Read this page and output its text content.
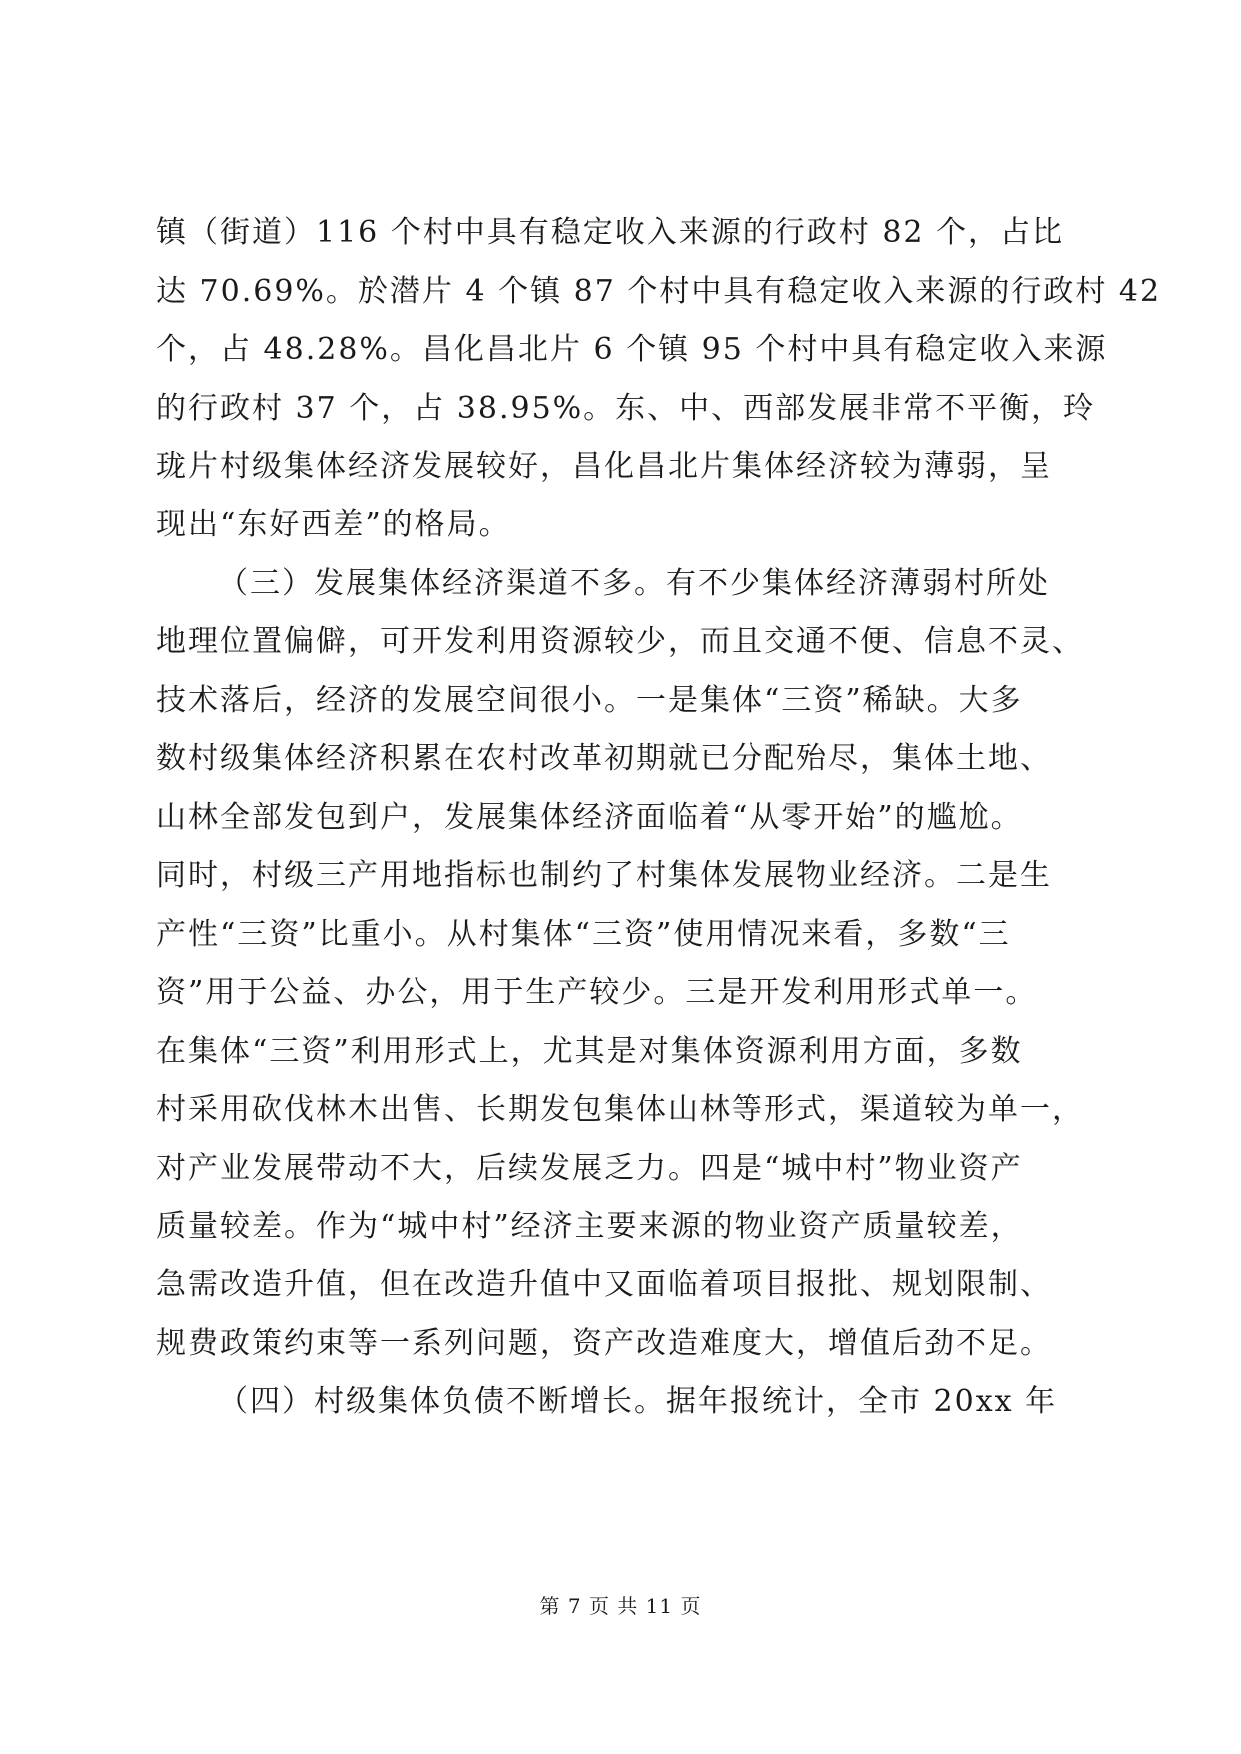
镇（街道）116 个村中具有稳定收入来源的行政村 82 个，占比
达 70.69%。於潜片 4 个镇 87 个村中具有稳定收入来源的行政村 42
个，占 48.28%。昌化昌北片 6 个镇 95 个村中具有稳定收入来源
的行政村 37 个，占 38.95%。东、中、西部发展非常不平衡，玲
珑片村级集体经济发展较好，昌化昌北片集体经济较为薄弱，呈
现出“东好西差”的格局。
（三）发展集体经济渠道不多。有不少集体经济薄弱村所处
地理位置偏僻，可开发利用资源较少，而且交通不便、信息不灵、
技术落后，经济的发展空间很小。一是集体“三资”稀缺。大多
数村级集体经济积累在农村改革初期就已分配殆尽，集体土地、
山林全部发包到户，发展集体经济面临着“从零开始”的尴尬。
同时，村级三产用地指标也制约了村集体发展物业经济。二是生
产性“三资”比重小。从村集体“三资”使用情况来看，多数“三
资”用于公益、办公，用于生产较少。三是开发利用形式单一。
在集体“三资”利用形式上，尤其是对集体资源利用方面，多数
村采用砍伐林木出售、长期发包集体山林等形式，渠道较为单一，
对产业发展带动不大，后续发展乏力。四是“城中村”物业资产
质量较差。作为“城中村”经济主要来源的物业资产质量较差，
急需改造升值，但在改造升值中又面临着项目报批、规划限制、
规费政策约束等一系列问题，资产改造难度大，增值后劲不足。
（四）村级集体负债不断增长。据年报统计，全市 20xx 年
第 7 页 共 11 页
